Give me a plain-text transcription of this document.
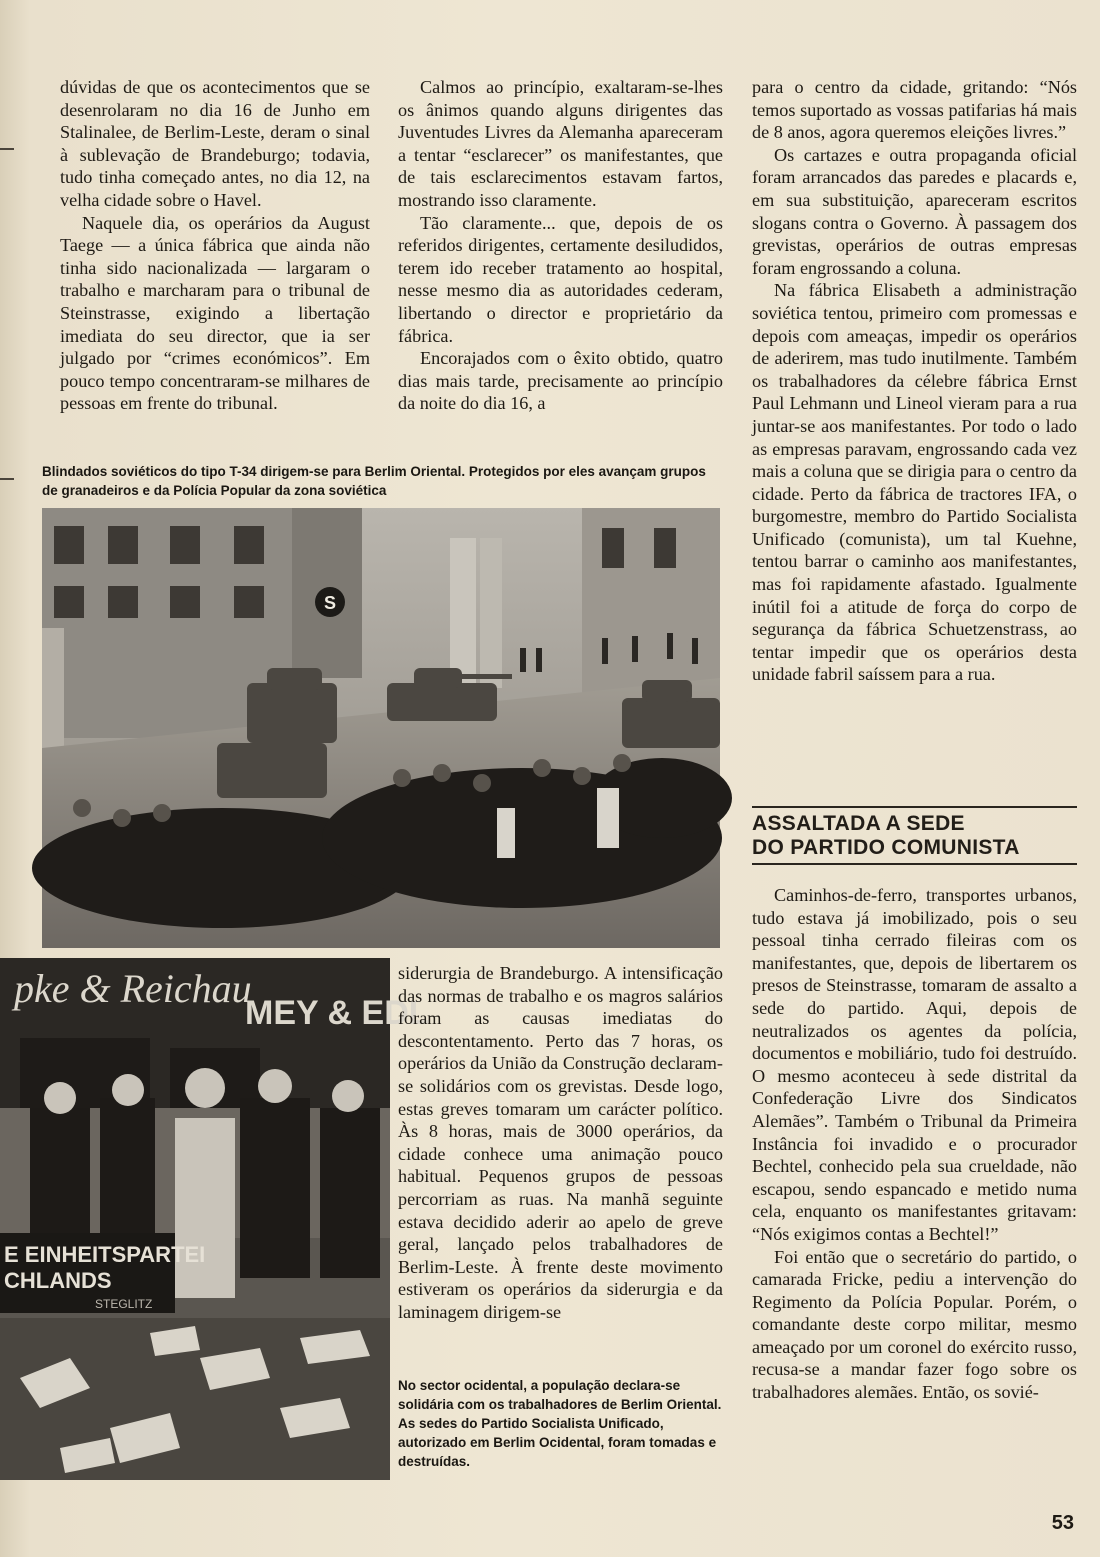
dúvidas de que os acontecimentos que se desenrolaram no dia 16 de Junho em Stalinalee, de Berlim-Leste, deram o sinal à sublevação de Brandeburgo; todavia, tudo tinha começado antes, no dia 12, na velha cidade sobre o Havel.

Naquele dia, os operários da August Taege — a única fábrica que ainda não tinha sido nacionalizada — largaram o trabalho e marcharam para o tribunal de Steinstrasse, exigindo a libertação imediata do seu director, que ia ser julgado por “crimes económicos”. Em pouco tempo concentraram-se milhares de pessoas em frente do tribunal.

Calmos ao princípio, exaltaram-se-lhes os ânimos quando alguns dirigentes das Juventudes Livres da Alemanha apareceram a tentar “esclarecer” os manifestantes, que de tais esclarecimentos estavam fartos, mostrando isso claramente.

Tão claramente... que, depois de os referidos dirigentes, certamente desiludidos, terem ido receber tratamento ao hospital, nesse mesmo dia as autoridades cederam, libertando o director e proprietário da fábrica.

Encorajados com o êxito obtido, quatro dias mais tarde, precisamente ao princípio da noite do dia 16, a

para o centro da cidade, gritando: “Nós temos suportado as vossas patifarias há mais de 8 anos, agora queremos eleições livres.”

Os cartazes e outra propaganda oficial foram arrancados das paredes e placards e, em sua substituição, apareceram escritos slogans contra o Governo. À passagem dos grevistas, operários de outras empresas foram engrossando a coluna.

Na fábrica Elisabeth a administração soviética tentou, primeiro com promessas e depois com ameaças, impedir os operários de aderirem, mas tudo inutilmente. Também os trabalhadores da célebre fábrica Ernst Paul Lehmann und Lineol vieram para a rua juntar-se aos manifestantes. Por todo o lado as empresas paravam, engrossando cada vez mais a coluna que se dirigia para o centro da cidade. Perto da fábrica de tractores IFA, o burgomestre, membro do Partido Socialista Unificado (comunista), um tal Kuehne, tentou barrar o caminho aos manifestantes, mas foi rapidamente afastado. Igualmente inútil foi a atitude de força do corpo de segurança da fábrica Schuetzenstrass, ao tentar impedir que os operários desta unidade fabril saíssem para a rua.

Blindados soviéticos do tipo T-34 dirigem-se para Berlim Oriental. Protegidos por eles avançam grupos de granadeiros e da Polícia Popular da zona soviética
S
pke & Reichau
MEY & EDL
E EINHEITSPARTEI
CHLANDS
STEGLITZ

siderurgia de Brandeburgo. A intensificação das normas de trabalho e os magros salários foram as causas imediatas do descontentamento. Perto das 7 horas, os operários da União da Construção declaram-se solidários com os grevistas. Desde logo, estas greves tomaram um carácter político. Às 8 horas, mais de 3000 operários, da cidade conhece uma animação pouco habitual. Pequenos grupos de pessoas percorriam as ruas. Na manhã seguinte estava decidido aderir ao apelo de greve geral, lançado pelos trabalhadores de Berlim-Leste. À frente deste movimento estiveram os operários da siderurgia e da laminagem dirigem-se

No sector ocidental, a população declara-se solidária com os trabalhadores de Berlim Oriental. As sedes do Partido Socialista Unificado, autorizado em Berlim Ocidental, foram tomadas e destruídas.
ASSALTADA A SEDE
DO PARTIDO COMUNISTA

Caminhos-de-ferro, transportes urbanos, tudo estava já imobilizado, pois o seu pessoal tinha cerrado fileiras com os manifestantes, que, depois de libertarem os presos de Steinstrasse, tomaram de assalto a sede do partido. Aqui, depois de neutralizados os agentes da polícia, documentos e mobiliário, tudo foi destruído. O mesmo aconteceu à sede distrital da Confederação Livre dos Sindicatos Alemães”. Também o Tribunal da Primeira Instância foi invadido e o procurador Bechtel, conhecido pela sua crueldade, não escapou, sendo espancado e metido numa cela, enquanto os manifestantes gritavam: “Nós exigimos contas a Bechtel!”

Foi então que o secretário do partido, o camarada Fricke, pediu a intervenção do Regimento da Polícia Popular. Porém, o comandante deste corpo militar, mesmo ameaçado por um coronel do exército russo, recusa-se a mandar fazer fogo sobre os trabalhadores alemães. Então, os sovié-

53
